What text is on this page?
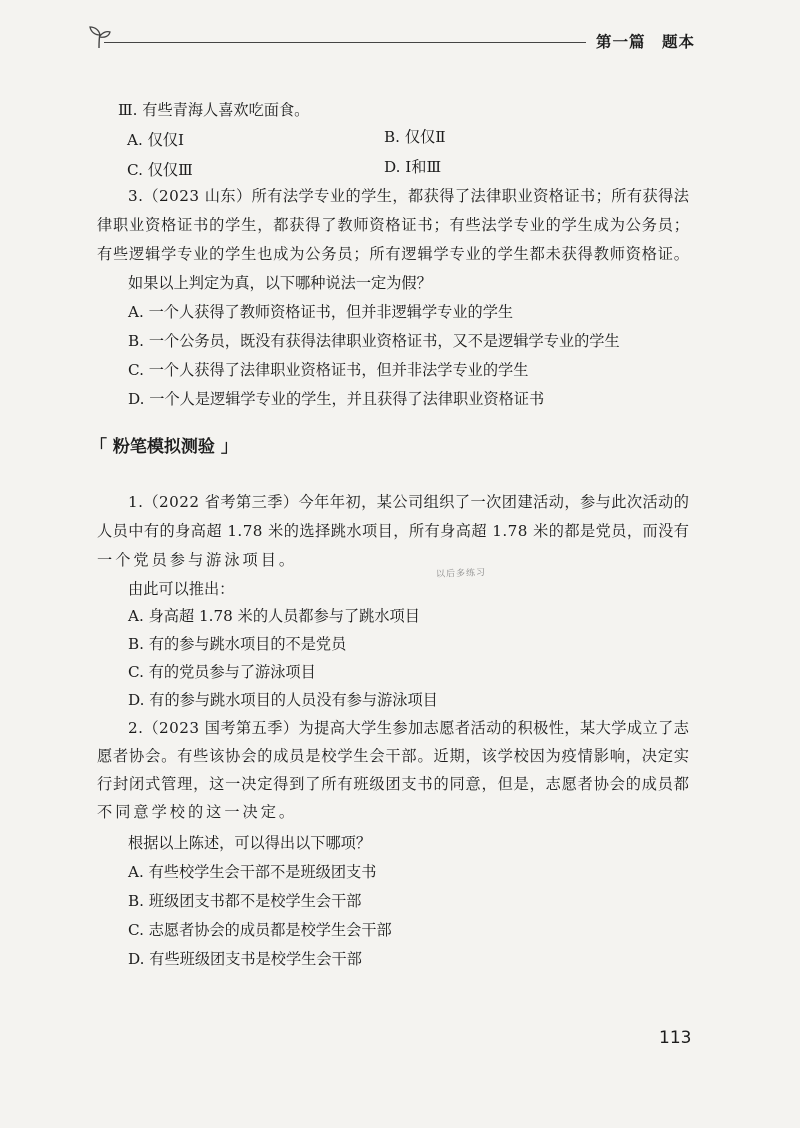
第一篇　题本
Ⅲ. 有些青海人喜欢吃面食。
A. 仅仅Ⅰ	B. 仅仅Ⅱ
C. 仅仅Ⅲ	D. Ⅰ和Ⅲ
3.（2023 山东）所有法学专业的学生，都获得了法律职业资格证书；所有获得法
律职业资格证书的学生，都获得了教师资格证书；有些法学专业的学生成为公务员；
有些逻辑学专业的学生也成为公务员；所有逻辑学专业的学生都未获得教师资格证。
如果以上判定为真，以下哪种说法一定为假？
A. 一个人获得了教师资格证书，但并非逻辑学专业的学生
B. 一个公务员，既没有获得法律职业资格证书，又不是逻辑学专业的学生
C. 一个人获得了法律职业资格证书，但并非法学专业的学生
D. 一个人是逻辑学专业的学生，并且获得了法律职业资格证书
「 粉笔模拟测验 」
1.（2022 省考第三季）今年年初，某公司组织了一次团建活动，参与此次活动的
人员中有的身高超 1.78 米的选择跳水项目，所有身高超 1.78 米的都是党员，而没有
一个党员参与游泳项目。
以后多练习
由此可以推出：
A. 身高超 1.78 米的人员都参与了跳水项目
B. 有的参与跳水项目的不是党员
C. 有的党员参与了游泳项目
D. 有的参与跳水项目的人员没有参与游泳项目
2.（2023 国考第五季）为提高大学生参加志愿者活动的积极性，某大学成立了志
愿者协会。有些该协会的成员是校学生会干部。近期，该学校因为疫情影响，决定实
行封闭式管理，这一决定得到了所有班级团支书的同意，但是，志愿者协会的成员都
不同意学校的这一决定。
根据以上陈述，可以得出以下哪项？
A. 有些校学生会干部不是班级团支书
B. 班级团支书都不是校学生会干部
C. 志愿者协会的成员都是校学生会干部
D. 有些班级团支书是校学生会干部
113
